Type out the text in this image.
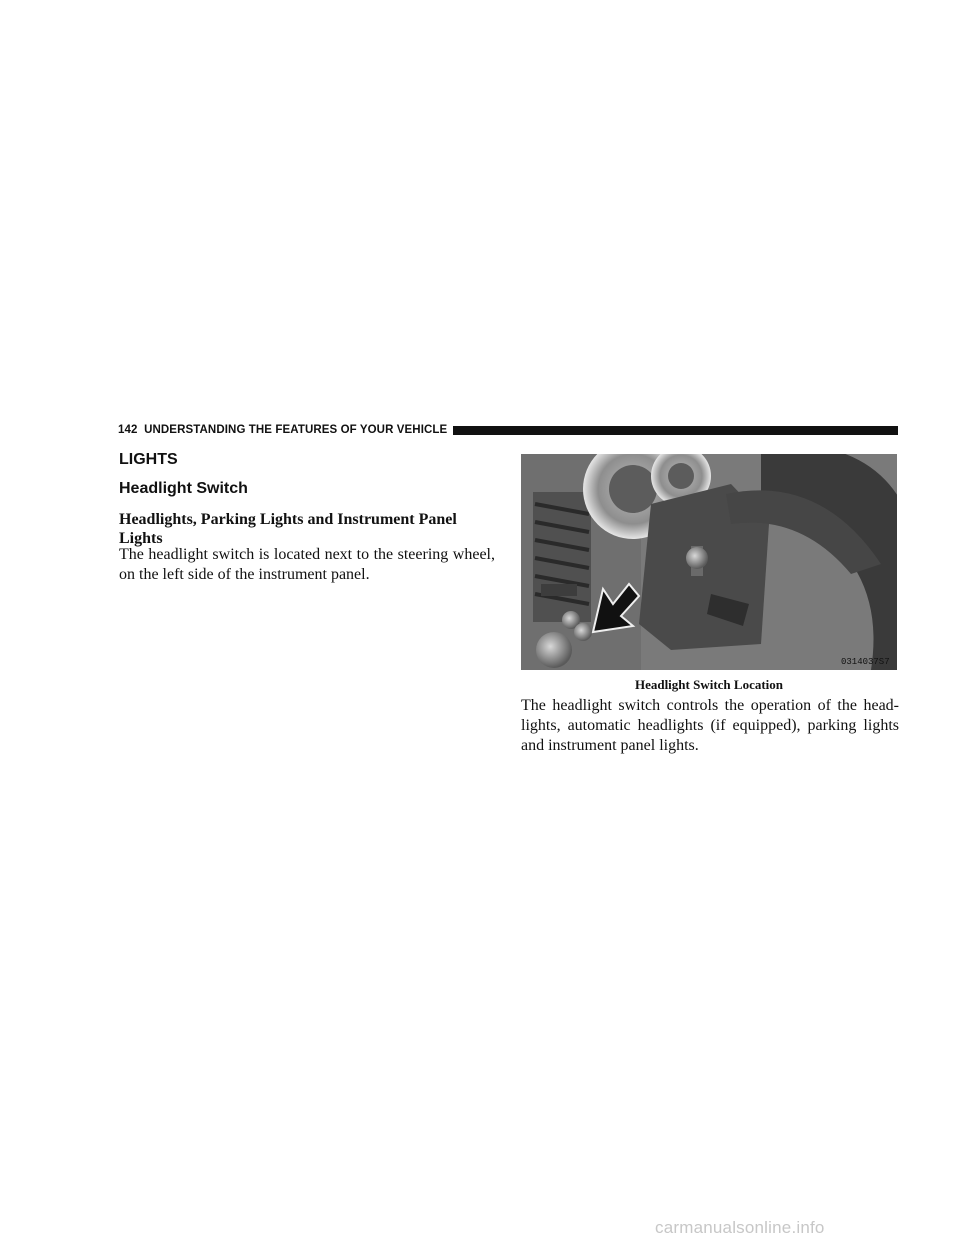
142 UNDERSTANDING THE FEATURES OF YOUR VEHICLE
LIGHTS
Headlight Switch
Headlights, Parking Lights and Instrument Panel Lights

The headlight switch is located next to the steering wheel, on the left side of the instrument panel.

0314037S7

Headlight Switch Location

The headlight switch controls the operation of the head-lights, automatic headlights (if equipped), parking lights and instrument panel lights.

carmanualsonline.info
